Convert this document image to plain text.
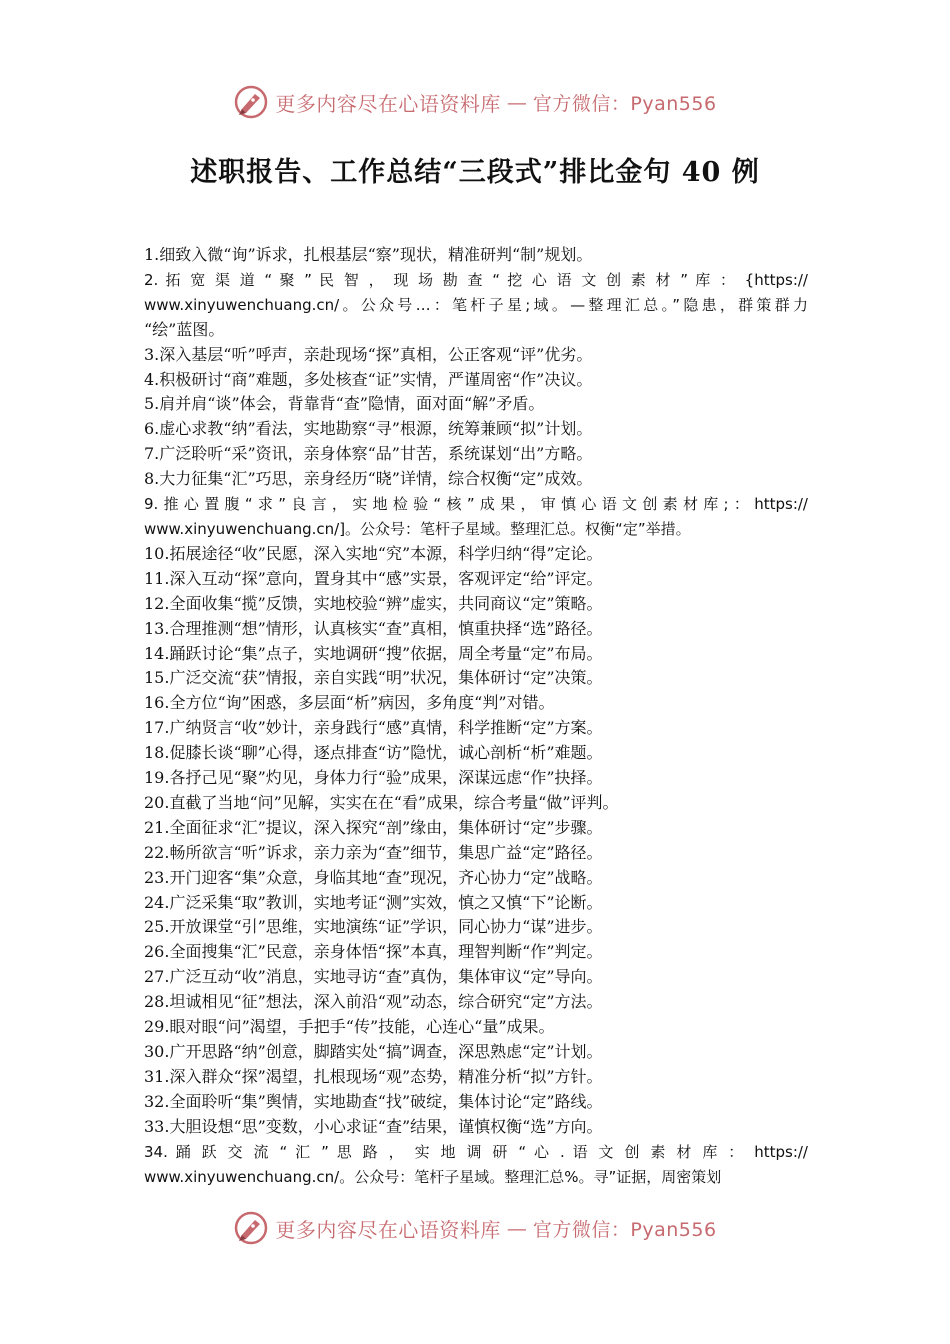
更多内容尽在心语资料库 — 官方微信：Pyan556
述职报告、工作总结“三段式”排比金句 40 例
1.细致入微“询”诉求，扎根基层“察”现状，精准研判“制”规划。
2. 拓 宽 渠 道 “ 聚 ” 民 智 ， 现 场 勘 查 “ 挖 心 语 文 创 素 材 ” 库 ： {https://
www.xinyuwenchuang.cn/。公众号…：笔杆子星;域。—整理汇总。”隐患，群策群力
“绘”蓝图。
3.深入基层“听”呼声，亲赴现场“探”真相，公正客观“评”优劣。
4.积极研讨“商”难题，多处核查“证”实情，严谨周密“作”决议。
5.肩并肩“谈”体会，背靠背“查”隐情，面对面“解”矛盾。
6.虚心求教“纳”看法，实地勘察“寻”根源，统筹兼顾“拟”计划。
7.广泛聆听“采”资讯，亲身体察“品”甘苦，系统谋划“出”方略。
8.大力征集“汇”巧思，亲身经历“晓”详情，综合权衡“定”成效。
9.推心置腹“求”良言，实地检验“核”成果，审慎心语文创素材库;：https://
www.xinyuwenchuang.cn/]。公众号：笔杆子星域。整理汇总。权衡“定”举措。
10.拓展途径“收”民愿，深入实地“究”本源，科学归纳“得”定论。
11.深入互动“探”意向，置身其中“感”实景，客观评定“给”评定。
12.全面收集“揽”反馈，实地校验“辨”虚实，共同商议“定”策略。
13.合理推测“想”情形，认真核实“查”真相，慎重抉择“选”路径。
14.踊跃讨论“集”点子，实地调研“搜”依据，周全考量“定”布局。
15.广泛交流“获”情报，亲自实践“明”状况，集体研讨“定”决策。
16.全方位“询”困惑，多层面“析”病因，多角度“判”对错。
17.广纳贤言“收”妙计，亲身践行“感”真情，科学推断“定”方案。
18.促膝长谈“聊”心得，逐点排查“访”隐忧，诚心剖析“析”难题。
19.各抒己见“聚”灼见，身体力行“验”成果，深谋远虑“作”抉择。
20.直截了当地“问”见解，实实在在“看”成果，综合考量“做”评判。
21.全面征求“汇”提议，深入探究“剖”缘由，集体研讨“定”步骤。
22.畅所欲言“听”诉求，亲力亲为“查”细节，集思广益“定”路径。
23.开门迎客“集”众意，身临其地“查”现况，齐心协力“定”战略。
24.广泛采集“取”教训，实地考证“测”实效，慎之又慎“下”论断。
25.开放课堂“引”思维，实地演练“证”学识，同心协力“谋”进步。
26.全面搜集“汇”民意，亲身体悟“探”本真，理智判断“作”判定。
27.广泛互动“收”消息，实地寻访“查”真伪，集体审议“定”导向。
28.坦诚相见“征”想法，深入前沿“观”动态，综合研究“定”方法。
29.眼对眼“问”渴望，手把手“传”技能，心连心“量”成果。
30.广开思路“纳”创意，脚踏实处“搞”调查，深思熟虑“定”计划。
31.深入群众“探”渴望，扎根现场“观”态势，精准分析“拟”方针。
32.全面聆听“集”舆情，实地勘查“找”破绽，集体讨论“定”路线。
33.大胆设想“思”变数，小心求证“查”结果，谨慎权衡“选”方向。
34. 踊 跃 交 流 “ 汇 ” 思 路 ， 实 地 调 研 “ 心 . 语 文 创 素 材 库 ： https://
www.xinyuwenchuang.cn/。公众号：笔杆子星域。整理汇总%。寻”证据，周密策划
更多内容尽在心语资料库 — 官方微信：Pyan556
